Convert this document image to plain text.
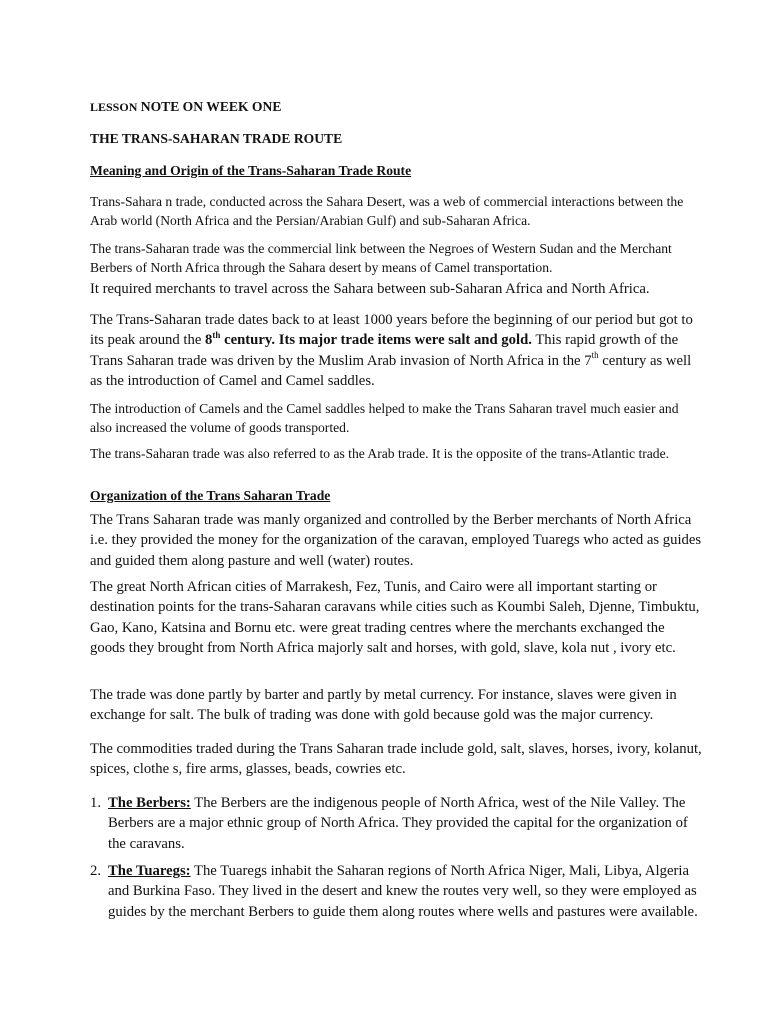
LESSON NOTE ON WEEK ONE
THE TRANS-SAHARAN TRADE ROUTE
Meaning and Origin of the Trans-Saharan Trade Route
Trans-Sahara n trade, conducted across the Sahara Desert, was a web of commercial interactions between the Arab world (North Africa and the Persian/Arabian Gulf) and sub-Saharan Africa.
The trans-Saharan trade was the commercial link between the Negroes of Western Sudan and the Merchant Berbers of North Africa through the Sahara desert by means of Camel transportation.
It required merchants to travel across the Sahara between sub-Saharan Africa and North Africa.
The Trans-Saharan trade dates back to at least 1000 years before the beginning of our period but got to its peak around the 8th century. Its major trade items were salt and gold. This rapid growth of the Trans Saharan trade was driven by the Muslim Arab invasion of North Africa in the 7th century as well as the introduction of Camel and Camel saddles.
The introduction of Camels and the Camel saddles helped to make the Trans Saharan travel much easier and also increased the volume of goods transported.
The trans-Saharan trade was also referred to as the Arab trade. It is the opposite of the trans-Atlantic trade.
Organization of the Trans Saharan Trade
The Trans Saharan trade was manly organized and controlled by the Berber merchants of North Africa i.e. they provided the money for the organization of the caravan, employed Tuaregs who acted as guides and guided them along pasture and well (water) routes.
The great North African cities of Marrakesh, Fez, Tunis, and Cairo were all important starting or destination points for the trans-Saharan caravans while cities such as Koumbi Saleh, Djenne, Timbuktu, Gao, Kano, Katsina and Bornu etc. were great trading centres where the merchants exchanged the goods they brought from North Africa majorly salt and horses, with gold, slave, kola nut , ivory etc.
The trade was done partly by barter and partly by metal currency. For instance, slaves were given in exchange for salt. The bulk of trading was done with gold because gold was the major currency.
The commodities traded during the Trans Saharan trade include gold, salt, slaves, horses, ivory, kolanut, spices, clothe s, fire arms, glasses, beads, cowries etc.
1. The Berbers: The Berbers are the indigenous people of North Africa, west of the Nile Valley. The Berbers are a major ethnic group of North Africa. They provided the capital for the organization of the caravans.
2. The Tuaregs: The Tuaregs inhabit the Saharan regions of North Africa Niger, Mali, Libya, Algeria and Burkina Faso. They lived in the desert and knew the routes very well, so they were employed as guides by the merchant Berbers to guide them along routes where wells and pastures were available.
